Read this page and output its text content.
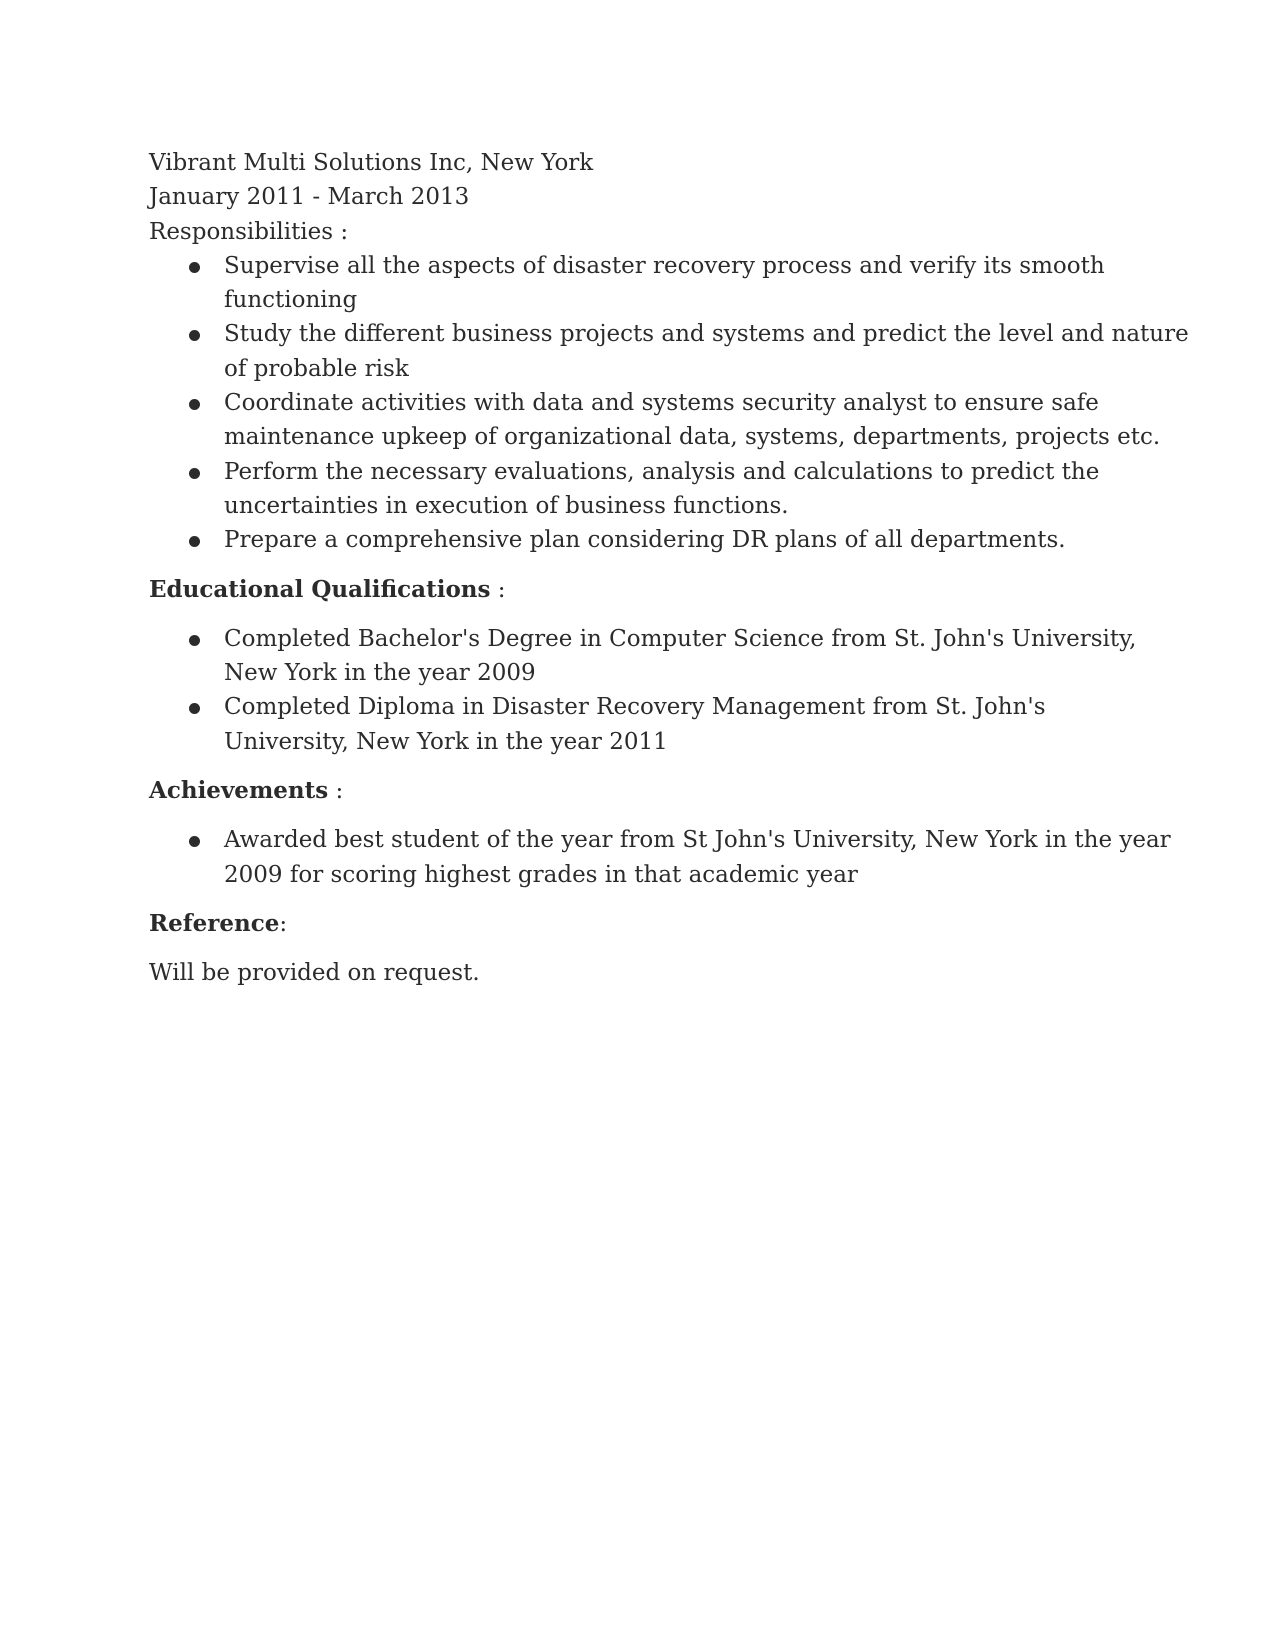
Vibrant Multi Solutions Inc, New York
January 2011 - March 2013
Responsibilities :
Supervise all the aspects of disaster recovery process and verify its smooth
functioning
Study the different business projects and systems and predict the level and nature
of probable risk
Coordinate activities with data and systems security analyst to ensure safe
maintenance upkeep of organizational data, systems, departments, projects etc.
Perform the necessary evaluations, analysis and calculations to predict the
uncertainties in execution of business functions.
Prepare a comprehensive plan considering DR plans of all departments.
Educational Qualifications :
Completed Bachelor's Degree in Computer Science from St. John's University,
New York in the year 2009
Completed Diploma in Disaster Recovery Management from St. John's
University, New York in the year 2011
Achievements :
Awarded best student of the year from St John's University, New York in the year
2009 for scoring highest grades in that academic year
Reference:
Will be provided on request.
